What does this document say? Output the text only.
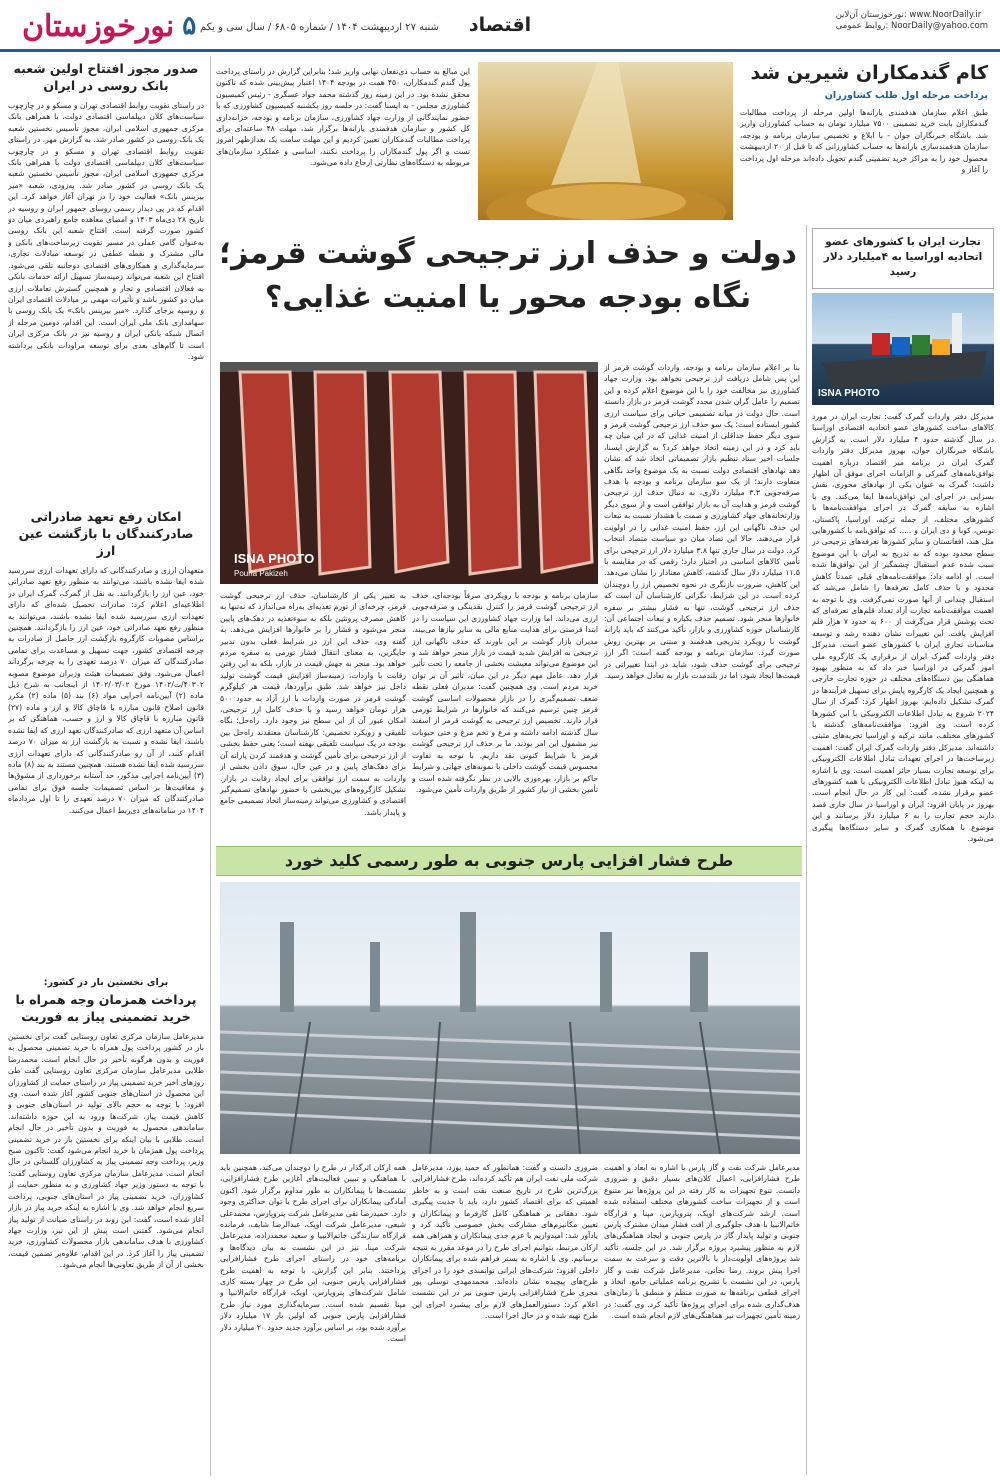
۵
نورخوزستان	شنبه ۲۷ اردیبهشت ۱۴۰۴ / شماره ۶۸۰۵ / سال سی و یکم	اقتصاد	نورخوزستان آن‌لاین: www.NoorDaily.ir
روابط عمومی: NoorDaily@yahoo.com
کام گندمکاران شیرین شد
پرداخت مرحله اول طلب کشاورزان
طبق اعلام سازمان هدفمندی یارانه‌ها اولین مرحله از پرداخت مطالبات گندمکاران بابت خرید تضمینی ۷۵۰۰ میلیارد تومان به حساب کشاورزان واریز شد. باشگاه خبرنگاران جوان - با ابلاغ و تخصیص سازمان برنامه و بودجه، سازمان هدفمندسازی یارانه‌ها به حساب کشاورزانی که تا قبل از ۲۰ اردیبهشت محصول خود را به مراکز خرید تضمینی گندم تحویل داده‌اند مرحله اول پرداخت را آغاز و
این مبالغ به حساب ذی‌نفعان نهایی واریز شد؛ بنابراین گزارش در راستای پرداخت پول گندم گندمکاران، ۴۵۰ همت در بودجه ۱۴۰۴ اعتبار پیش‌بینی شده که تاکنون محقق نشده بود. در این زمینه روز گذشته محمد جواد عسگری - رئیس کمیسیون کشاورزی مجلس - به ایسنا گفت: در جلسه روز یکشنبه کمیسیون کشاورزی که با حضور نمایندگانی از وزارت جهاد کشاورزی، سازمان برنامه و بودجه، خزانه‌داری کل کشور و سازمان هدفمندی یارانه‌ها برگزار شد، مهلت ۴۸ ساعته‌ای برای پرداخت مطالبات گندمکاران تعیین کردیم و این مهلت سامت یک بعدازظهر امروز تست و اگر پول گندمکاران را پرداخت نکنند، اساسی و عملکرد سازمان‌های مربوطه به دستگاه‌های نظارتی ارجاع داده می‌شود.
صدور مجوز افتتاح اولین شعبه بانک روسی در ایران
در راستای تقویت روابط اقتصادی تهران و مسکو و در چارچوب سیاست‌های کلان دیپلماسی اقتصادی دولت، با همراهی بانک مرکزی جمهوری اسلامی ایران، مجوز تأسیس نخستین شعبه یک بانک روسی در کشور صادر شد. به گزارش مهر، در راستای تقویت روابط اقتصادی تهران و مسکو و در چارچوب سیاست‌های کلان دیپلماسی اقتصادی دولت با همراهی بانک مرکزی جمهوری اسلامی ایران، مجوز تأسیس نخستین شعبه یک بانک روسی در کشور صادر شد. به‌زودی، شعبه «میر بیزینس بانک» فعالیت خود را در تهران آغاز خواهد کرد. این اقدام که در پی دیدار رسمی روسای جمهور ایران و روسیه در تاریخ ۲۸ دی‌ماه ۱۴۰۳ و امضای معاهده جامع راهبردی میان دو کشور صورت گرفته است. افتتاح شعبه این بانک روسی به‌عنوان گامی عملی در مسیر تقویت زیرساخت‌های بانکی و مالی مشترک و نقطه عطفی در توسعه مبادلات تجاری، سرمایه‌گذاری و همکاری‌های اقتصادی دوجانبه تلقی می‌شود. افتتاح این شعبه می‌تواند زمینه‌ساز تسهیل ارائه خدمات بانکی به فعالان اقتصادی و تجار و همچنین گسترش تعاملات ارزی میان دو کشور باشد و تأثیرات مهمی بر مبادلات اقتصادی ایران و روسیه برجای گذارد. «میر بیزینس بانک» یک بانک روسی با سهامداری بانک ملی ایران است. این اقدام، دومین مرحله از اتصال شبکه بانکی ایران و روسیه نیز در بانک مرکزی ایران است تا گام‌های بعدی برای توسعه مراودات بانکی برداشته شود.
امکان رفع تعهد صادراتی صادرکنندگان با بازگشت عین ارز
متعهدان ارزی و صادرکنندگانی که دارای تعهدات ارزی سررسید شده ایفا نشده باشند، می‌توانند به منظور رفع تعهد صادراتی خود، عین ارز را بازگردانند. به نقل از گمرک، گمرک ایران در اطلاعیه‌ای اعلام کرد: صادرات تحصیل شده‌ای که دارای تعهدات ارزی سررسید شده ایفا نشده باشند، می‌توانند به منظور رفع تعهد صادراتی خود، عین ارز را بازگردانند. همچنین براساس مصوبات کارگروه بازگشت ارز حاصل از صادرات به چرخه اقتصادی کشور، جهت تسهیل و مساعدت برای تمامی صادرکنندگان که میزان ۷۰ درصد تعهدی را به چرخه برگرداند اعمال می‌شود. وفق تصمیمات هیئت وزیران موضوع مصوبه ۴۰۳۰۲/ت/۱۴۰۲ مورخ ۱۴۰۲/۰۳/۰۲ از اینجانب به شرح ذیل ماده (۲) آیین‌نامه اجرایی مواد (۶) بند (۵) ماده (۲) مکرر قانون اصلاح قانون مبارزه با قاچاق کالا و ارز و ماده (۲۷) قانون مبارزه با قاچاق کالا و ارز و حسب، هماهنگی که بر اساس آن متعهد ارزی که صادرکنندگان تعهد ارزی که ایفا نشده باشند، ایفا نشده و نسبت به بازگشت ارز به میزان ۷۰ درصد اقدام کنند، از آن رو صادرکنندگانی که دارای تعهدات ارزی سررسید شده ایفا نشده هستند. همچنین مستند به بند (۸) ماده (۳) آیین‌نامه اجرایی مذکور، حد آستانه برخورداری از مشوق‌ها و معافیت‌ها بر اساس تصمیمات جلسه فوق برای تمامی صادرکنندگان که میزان ۷۰ درصد تعهدی را تا اول مرداد‌ماه ۱۴۰۴ در سامانه‌های ذی‌ربط اعمال می‌کنند.
برای نخستین بار در کشور:
پرداخت همزمان وجه همراه با خرید تضمینی پیاز به فوریت
مدیرعامل سازمان مرکزی تعاون روستایی گفت برای نخستین بار در کشور پرداخت پول همراه با خرید تضمینی محصول به فوریت و بدون هرگونه تأخیر در حال انجام است. محمدرضا طلایی مدیرعامل سازمان مرکزی تعاون روستایی گفت طی روزهای اخیر خرید تضمینی پیاز در راستای حمایت از کشاورزان این محصول در استان‌های جنوبی کشور آغاز شده است. وی افزود: با توجه به حجم بالای تولید در استان‌های جنوبی و کاهش قیمت پیاز، شرکت‌ها ورود به این حوزه داشته‌اند. ساماندهی محصول به فوریت و بدون تأخیر در حال انجام است. طلایی با بیان اینکه برای نخستین بار در خرید تضمینی پرداخت پول همزمان با خرید انجام می‌شود گفت: تاکنون صبح وزیر، پرداخت وجه تضمینی پیاز به کشاورزان گلستانی در حال انجام است. مدیرعامل سازمان مرکزی تعاون روستایی گفت: با توجه به دستور وزیر جهاد کشاورزی و به منظور حمایت از کشاورزان، خرید تضمینی پیاز در استان‌های جنوبی، پرداخت سریع انجام خواهد شد. وی با اشاره به اینکه خرید پیاز در بازار آغاز شده است، گفت: این روند در راستای صیانت از تولید پیاز انجام می‌شود. گفتنی است پیش از این نیز، وزارت جهاد کشاورزی با هدف ساماندهی بازار محصولات کشاورزی، خرید تضمینی پیاز را آغاز کرد. در این اقدام، علاوه‌بر تضمین قیمت، بخشی از آن از طریق تعاونی‌ها انجام می‌شود.
تجارت ایران با کشورهای عضو اتحادیه اوراسیا به ۴میلیارد دلار رسید
ISNA PHOTO
مدیرکل دفتر واردات گمرک گفت: تجارت ایران در مورد کالاهای ساخت کشورهای عضو اتحادیه اقتصادی اوراسیا در سال گذشته حدود ۴ میلیارد دلار است. به گزارش باشگاه خبرنگاران جوان، بهروز مدیرکل دفتر واردات گمرک ایران در برنامه میز اقتصاد درباره اهمیت توافق‌نامه‌های گمرکی و الزامات اجرای موفق آن اظهار داشت: گمرک به عنوان یکی از نهادهای محوری، نقش بسزایی در اجرای این توافق‌نامه‌ها ایفا می‌کند. وی با اشاره به سابقه گمرک در اجرای موافقت‌نامه‌ها با کشورهای مختلف، از جمله ترکیه، اوراسیا، پاکستان، تونس، کوبا و دی ایران و ..... که توافق‌نامه با کشورهایی مثل هند، افغانستان و سایر کشورها تعرفه‌های ترجیحی در سطح محدود بوده که به تدریج به ایران با این موضوع سبب شده عدم استقبال چشمگیر از این توافق‌ها شده است. او ادامه داد: موافقت‌نامه‌های قبلی عمدتاً کاهش محدود و یا حذف کامل تعرفه‌ها را شامل می‌شد که استقبال چندانی از آنها صورت نمی‌گرفت. وی با توجه به اهمیت موافقت‌نامه تجارت آزاد تعداد قلم‌های تعرفه‌ای که تحت پوشش قرار می‌گرفت از ۶۰۰ به حدود ۷ هزار قلم افزایش یافت. این تغییرات نشان دهنده رشد و توسعه مناسبات تجاری ایران با کشورهای عضو است. مدیرکل دفتر واردات گمرک ایران از برقراری یک کارگروه ملی امور گمرکی در اوراسیا خبر داد که به منظور بهبود هماهنگی بین دستگاه‌های مختلف در حوزه تجارت خارجی و همچنین ایجاد یک کارگروه پایش برای تسهیل فرآیندها در گمرک تشکیل داده‌ایم. بهروز اظهار کرد: گمرک از سال ۲۰۲۴ شروع به تبادل اطلاعات الکترونیکی با این کشورها کرده است. وی افزود: موافقت‌نامه‌های گذشته با کشورهای مختلف، مانند ترکیه و اوراسیا تجربه‌های مثبتی داشته‌اند. مدیرکل دفتر واردات گمرک ایران گفت: اهمیت زیرساخت‌ها در اجرای تعهدات تبادل اطلاعات الکترونیکی برای توسعه تجارت بسیار حائز اهمیت است. وی با اشاره به اینکه هنوز تبادل اطلاعات الکترونیکی با همه کشورهای عضو برقرار نشده، گفت: این کار در حال انجام است. بهروز در پایان افزود: ایران و اوراسیا در سال جاری قصد دارند حجم تجارت را به ۶ میلیارد دلار برسانند و این موضوع با همکاری گمرک و سایر دستگاه‌ها پیگیری می‌شود.
دولت و حذف ارز ترجیحی گوشت قرمز؛
نگاه بودجه محور یا امنیت غذایی؟
ISNA PHOTO
Pouria Pakizeh
بنا بر اعلام سازمان برنامه و بودجه، واردات گوشت قرمز از این پس شامل دریافت ارز ترجیحی نخواهد بود. وزارت جهاد کشاورزی نیز مخالفت خود را با این موضوع اعلام کرده و این تصمیم را عامل گران شدن مجدد گوشت قرمز در بازار دانسته است. حال دولت در میانه تصمیمی حیاتی برای سیاست ارزی کشور ایستاده است؛ یک سو حذف ارز ترجیحی گوشت قرمز و سوی دیگر حفظ حداقلی از امنیت غذایی که در این میان چه باید کرد و در این زمینه اتخاذ خواهد کرد؟ به گزارش ایسنا، جلسات اخیر ستاد تنظیم بازار تصمیماتی اتخاذ شد که نشان دهد نهادهای اقتصادی دولت نسبت به یک موضوع واحد نگاهی متفاوت دارند؛ از یک سو سازمان برنامه و بودجه با هدف صرفه‌جویی ۳.۳ میلیارد دلاری، به دنبال حذف ارز ترجیحی گوشت قرمز و هدایت آن به بازار توافقی است و از سوی دیگر وزارتخانه‌های جهاد کشاورزی و صمت با هشدار نسبت به تبعات این حذف ناگهانی این ارز، حفظ امنیت غذایی را در اولویت قرار می‌دهند. حالا این تضاد میان دو سیاست متضاد انتخاب کرد. دولت در سال جاری تنها ۳.۸ میلیارد دلار ارز ترجیحی برای تأمین کالاهای اساسی در اختیار دارد؛ رقمی که در مقایسه با ۱۱.۵ میلیارد دلار سال گذشته، کاهش معنادار را نشان می‌دهد. این کاهش، ضرورت بازنگری در نحوه تخصیص ارز را دوچندان کرده است. در این شرایط، نگرانی کارشناسان آن است که حذف ارز ترجیحی گوشت، تنها به فشار بیشتر بر سفره خانوارها منجر شود. تصمیم حذف یکباره و تبعات اجتماعی آن: کارشناسان حوزه کشاورزی و بازار، تأکید می‌کنند که باید یارانه گوشت با رویکرد تدریجی هدفمند و مبتنی بر بهترین روش صورت گیرد. سازمان برنامه و بودجه گفته است: اگر ارز ترجیحی برای گوشت حذف شود، شاید در ابتدا تغییراتی در قیمت‌ها ایجاد شود، اما در بلندمدت بازار به تعادل خواهد رسید.
سازمان برنامه و بودجه با رویکردی صرفاً بودجه‌ای، حذف ارز ترجیحی گوشت قرمز را کنترل نقدینگی و صرفه‌جویی ارزی می‌داند. اما وزارت جهاد کشاورزی این سیاست را در ابتدا فرصتی برای هدایت منابع مالی به سایر نیازها می‌بیند. مدیران بازار گوشت بر این باورند که حذف ناگهانی ارز ترجیحی به افزایش شدید قیمت در بازار منجر خواهد شد و این موضوع می‌تواند معیشت بخشی از جامعه را تحت تأثیر قرار دهد. عامل مهم دیگر در این میان، تأثیر آن بر توان خرید مردم است. وی همچنین گفت: مدیران فعلی نقطه ضعف تصمیم‌گیری را در بازار محصولات اساسی گوشت قرمز چنین ترسیم می‌کنند که خانوارها در شرایط تورمی قرار دارند. تخصیص ارز ترجیحی به گوشت قرمز از اسفند سال گذشته ادامه داشته و مرغ و تخم مرغ و حتی حبوبات نیز مشمول این امر بودند. ما بر حذف ارز ترجیحی گوشت قرمز با شرایط کنونی نقد داریم. با توجه به تفاوت محسوس قیمت گوشت داخلی با نمونه‌های جهانی و شرایط حاکم بر بازار، بهره‌وری بالایی در نظر نگرفته شده است و تأمین بخشی از نیاز کشور از طریق واردات تأمین می‌شود.
به تعبیر یکی از کارشناسان، حذف ارز ترجیحی گوشت قرمز، چرخه‌ای از تورم تغذیه‌ای به‌راه می‌اندازد که نه‌تنها به کاهش مصرف پروتئین بلکه به سوءتغذیه در دهک‌های پایین منجر می‌شود و فشار را بر خانوارها افزایش می‌دهد. به گفته وی، حذف این ارز در شرایط فعلی بدون تدبیر جایگزین، به معنای انتقال فشار تورمی به سفره مردم خواهد بود. منجر به جهش قیمت در بازار، بلکه به این رفتن رقابت با واردات، زمینه‌ساز افزایش قیمت گوشت تولید داخل نیز خواهد شد. طبق برآوردها، قیمت هر کیلوگرم گوشت قرمز در صورت واردات با ارز آزاد به حدود ۵۰۰ هزار تومان خواهد رسید و با حذف کامل ارز ترجیحی، امکان عبور آن از این سطح نیز وجود دارد. راه‌حل؛ نگاه تلفیقی و رویکرد تخصیص: کارشناسان معتقدند راه‌حل بین بودجه در یک سیاست تلفیقی نهفته است؛ یعنی حفظ بخشی از ارز ترجیحی برای تأمین گوشت و هدفمند کردن یارانه آن برای دهک‌های پایین و در عین حال، سوق دادن بخشی از واردات به سمت ارز توافقی برای ایجاد رقابت در بازار. تشکیل کارگروه‌های بین‌بخشی با حضور نهادهای تصمیم‌گیر اقتصادی و کشاورزی می‌تواند زمینه‌ساز اتخاذ تصمیمی جامع و پایدار باشد.
طرح فشار افزایی پارس جنوبی به طور رسمی کلید خورد
مدیرعامل شرکت نفت و گاز پارس با اشاره به ابعاد و اهمیت طرح فشارافزایی، اعمال کلان‌های بسیار دقیق و ضروری دانست. تنوع تجهیزات به کار رفته در این پروژه‌ها نیز متنوع است و از تجهیزات ساخت کشورهای مختلف استفاده شده است. ارشد شرکت‌های اویک، پتروپارس، مپنا و قرارگاه خاتم‌الانبیا با هدف جلوگیری از افت فشار میدان مشترک پارس جنوبی و تولید پایدار گاز در پارس جنوبی و ایجاد هماهنگی‌های لازم به منظور پیشبرد پروژه برگزار شد. در این جلسه، تأکید شد پروژه‌های اولویت‌دار با بالاترین دقت و سرعت به سمت اجرا پیش بروند. رضا نجاتی، مدیرعامل شرکت نفت و گاز پارس، در این نشست با تشریح برنامه عملیاتی جامع، اتخاذ و اجرای قطعی برنامه‌ها به صورت منظم و منطبق با زمان‌های هدف‌گذاری شده برای اجرای پروژه‌ها تأکید کرد. وی گفت: در زمینه تأمین تجهیزات نیز هماهنگی‌های لازم انجام شده است.
ضروری دانست و گفت: همانطور که حمید بورد، مدیرعامل شرکت ملی نفت ایران هم تأکید کرده‌اند، طرح فشارافزایی بزرگ‌ترین طرح در تاریخ صنعت نفت است و به خاطر اهمیتی که برای اقتصاد کشور دارد، باید با جدیت پیگیری شود. دهقانی بر هماهنگی کامل کارفرما و پیمانکاران و تعیین مکانیزم‌های مشارکت بخش خصوصی تأکید کرد و یادآور شد: امیدواریم با عزم جدی پیمانکاران و همراهی همه ارکان مرتبط، بتوانیم اجرای طرح را در موعد مقرر به نتیجه برسانیم. وی با اشاره به بستر فراهم شده برای پیمانکاران داخلی افزود: شرکت‌های ایرانی توانمندی خود را در اجرای طرح‌های پیچیده نشان داده‌اند. محمدمهدی توسلی پور مجری طرح فشارافزایی پارس جنوبی نیز در این نشست اعلام کرد: دستورالعمل‌های لازم برای پیشبرد اجرای این طرح تهیه شده و در حال اجرا است.
همه ارکان اثرگذار در طرح را دوچندان می‌کند، همچنین باید با هماهنگی و تبیین فعالیت‌های آغازین طرح فشارافزایی، نشست‌ها با پیمانکاران به طور مداوم برگزار شود. اکنون آمادگی پیمانکاران برای اجرای طرح با توان حداکثری وجود دارد. حمیدرضا تقی مدیرعامل شرکت پتروپارس، محمدعلی شیعی، مدیرعامل شرکت اویک، عبدالرضا شایف، فرمانده قرارگاه سازندگی خاتم‌الانبیا و سعید محمدزاده، مدیرعامل شرکت مپنا، نیز در این نشست به بیان دیدگاه‌ها و برنامه‌های خود در راستای اجرای طرح فشارافزایی پرداختند. بنابر این گزارش، با توجه به اهمیت طرح فشارافزایی پارس جنوبی، این طرح در چهار بسته کاری شامل شرکت‌های پتروپارس، اویک، قرارگاه خاتم‌الانبیا و مپنا تقسیم شده است. سرمایه‌گذاری مورد نیاز طرح فشارافزایی پارس جنوبی که اولین بار ۱۷ میلیارد دلار برآورد شده بود، بر اساس برآورد جدید حدود ۲۰ میلیارد دلار است.
